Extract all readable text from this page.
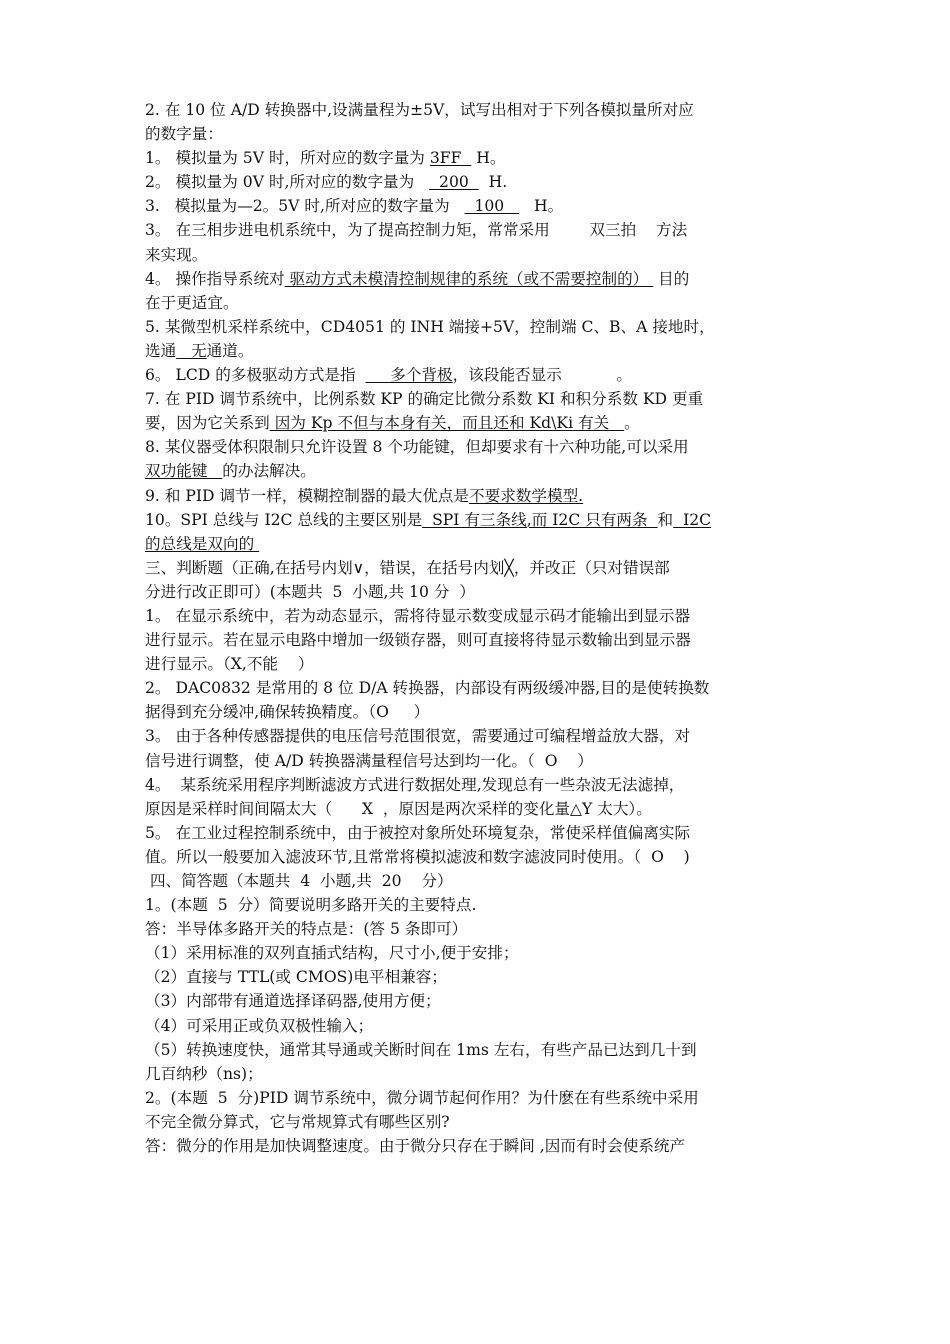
2. 在 10 位 A/D 转换器中,设满量程为±5V，试写出相对于下列各模拟量所对应
的数字量：
1。 模拟量为 5V 时，所对应的数字量为 3FF   H。
2。 模拟量为 0V 时,所对应的数字量为     200    H.
3.   模拟量为—2。5V 时,所对应的数字量为     100      H。
3。 在三相步进电机系统中，为了提高控制力矩，常常采用        双三拍    方法
来实现。
4。 操作指导系统对 驱动方式未模清控制规律的系统（或不需要控制的）  目的
在于更适宜。
5. 某微型机采样系统中，CD4051 的 INH 端接+5V，控制端 C、B、A 接地时，
选通   无通道。
6。 LCD 的多极驱动方式是指       多个背极，该段能否显示           。
7. 在 PID 调节系统中，比例系数 KP 的确定比微分系数 KI 和积分系数 KD 更重
要，因为它关系到 因为 Kp 不但与本身有关，而且还和 Kd\Ki 有关   。
8. 某仪器受体积限制只允许设置 8 个功能键，但却要求有十六种功能,可以采用
双功能键   的办法解决。
9. 和 PID 调节一样，模糊控制器的最大优点是不要求数学模型.
10。SPI 总线与 I2C 总线的主要区别是  SPI 有三条线,而 I2C 只有两条  和  I2C
的总线是双向的
三、判断题（正确,在括号内划∨，错误，在括号内划╳，并改正（只对错误部
分进行改正即可）(本题共  5  小题,共 10 分  ）
1。 在显示系统中，若为动态显示，需将待显示数变成显示码才能输出到显示器
进行显示。若在显示电路中增加一级锁存器，则可直接将待显示数输出到显示器
进行显示。（X,不能    ）
2。 DAC0832 是常用的 8 位 D/A 转换器，内部设有两级缓冲器,目的是使转换数
据得到充分缓冲,确保转换精度。（O     ）
3。 由于各种传感器提供的电压信号范围很宽，需要通过可编程增益放大器，对
信号进行调整，使 A/D 转换器满量程信号达到均一化。（  O    ）
4。  某系统采用程序判断滤波方式进行数据处理,发现总有一些杂波无法滤掉，
原因是采样时间间隔太大（      X  ，原因是两次采样的变化量△Y 太大）。
5。 在工业过程控制系统中，由于被控对象所处环境复杂，常使采样值偏离实际
值。所以一般要加入滤波环节,且常常将模拟滤波和数字滤波同时使用。（  O    )
四、简答题（本题共  4  小题,共  20    分）
1。(本题  5  分）简要说明多路开关的主要特点.
答：半导体多路开关的特点是：(答 5 条即可）
（1）采用标准的双列直插式结构，尺寸小,便于安排；
（2）直接与 TTL(或 CMOS)电平相兼容；
（3）内部带有通道选择译码器,使用方便；
（4）可采用正或负双极性输入；
（5）转换速度快，通常其导通或关断时间在 1ms 左右，有些产品已达到几十到
几百纳秒（ns)；
2。(本题  5  分)PID 调节系统中，微分调节起何作用？为什麽在有些系统中采用
不完全微分算式，它与常规算式有哪些区别?
答：微分的作用是加快调整速度。由于微分只存在于瞬间 ,因而有时会使系统产
